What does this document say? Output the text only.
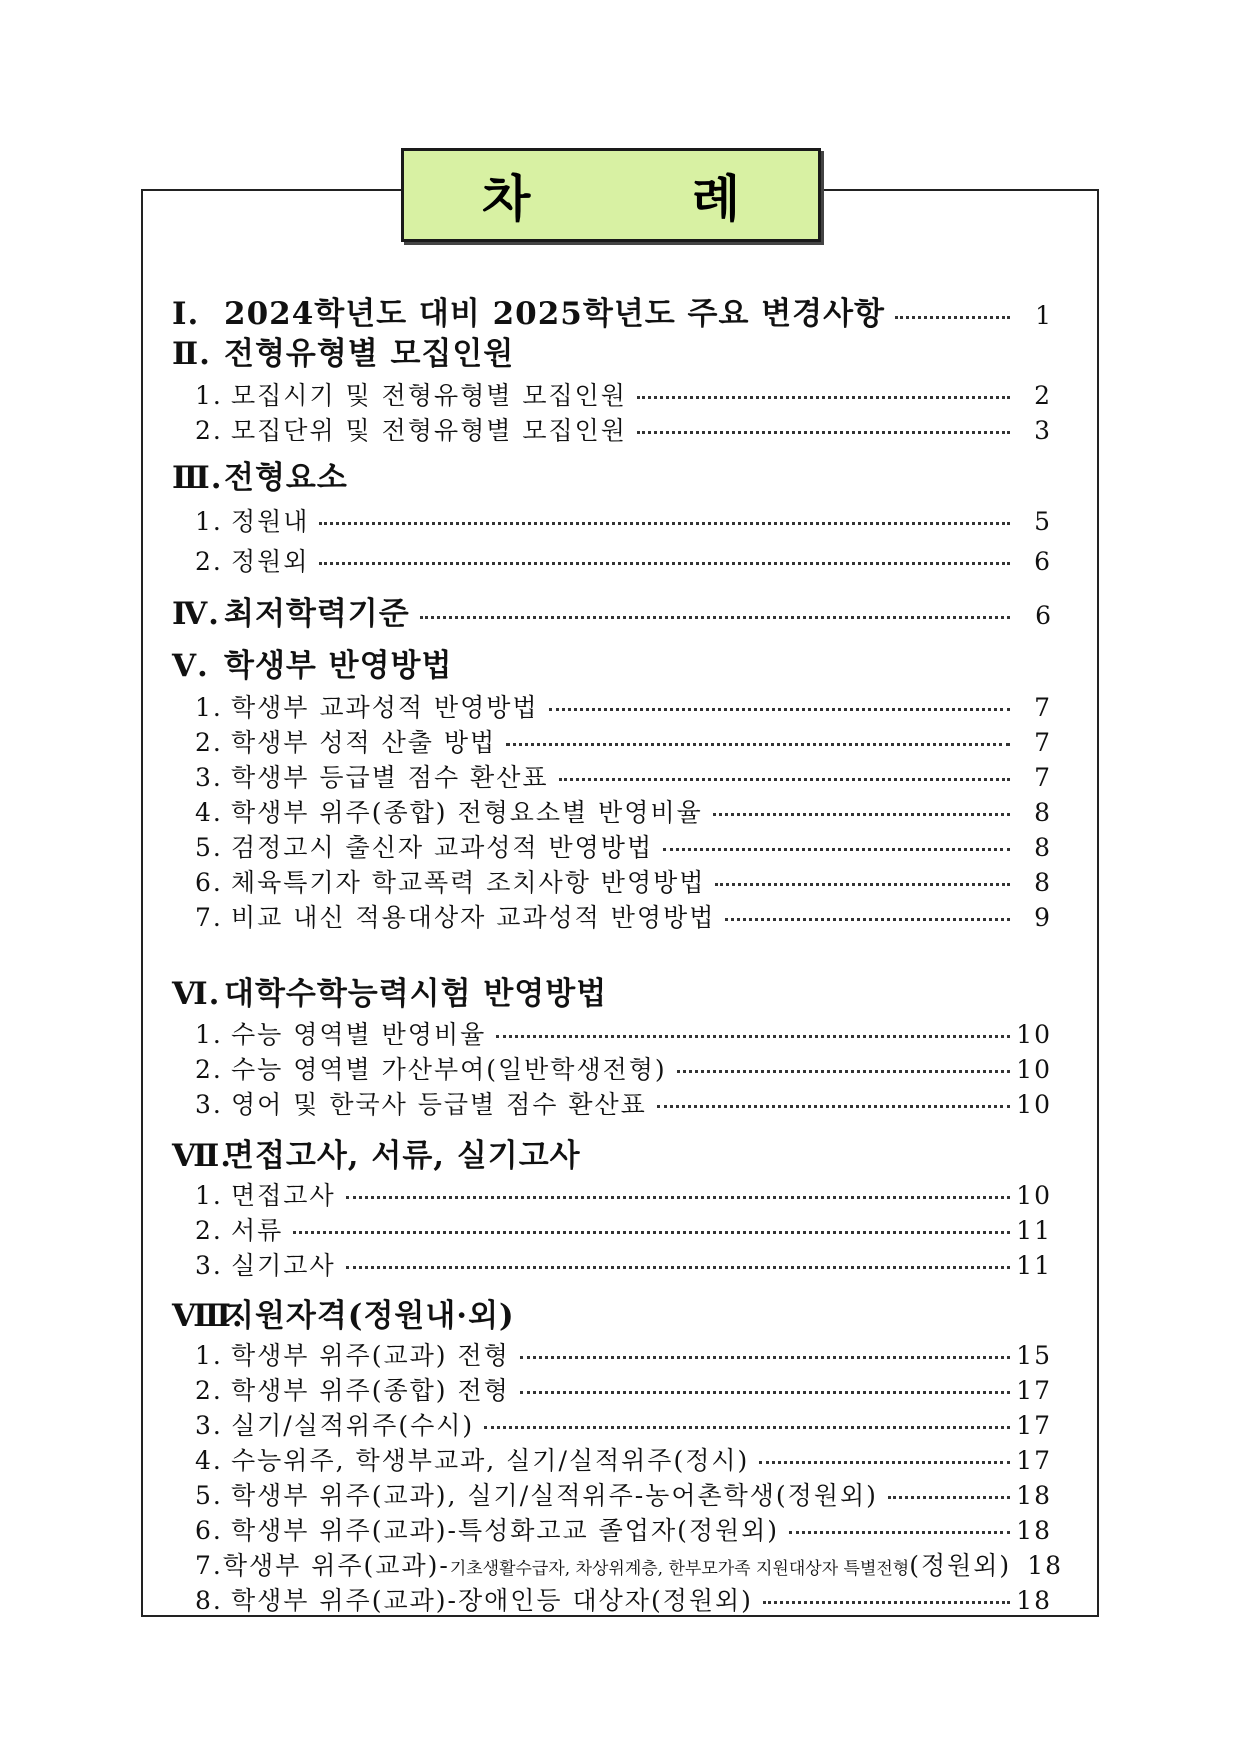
차 례
Ⅰ. 2024학년도 대비 2025학년도 주요 변경사항	1
Ⅱ. 전형유형별 모집인원
1. 모집시기 및 전형유형별 모집인원	2
2. 모집단위 및 전형유형별 모집인원	3
Ⅲ. 전형요소
1. 정원내	5
2. 정원외	6
Ⅳ. 최저학력기준	6
Ⅴ. 학생부 반영방법
1. 학생부 교과성적 반영방법	7
2. 학생부 성적 산출 방법	7
3. 학생부 등급별 점수 환산표	7
4. 학생부 위주(종합) 전형요소별 반영비율	8
5. 검정고시 출신자 교과성적 반영방법	8
6. 체육특기자 학교폭력 조치사항 반영방법	8
7. 비교 내신 적용대상자 교과성적 반영방법	9
Ⅵ. 대학수학능력시험 반영방법
1. 수능 영역별 반영비율	10
2. 수능 영역별 가산부여(일반학생전형)	10
3. 영어 및 한국사 등급별 점수 환산표	10
Ⅶ.
면접고사, 서류, 실기고사
1. 면접고사	10
2. 서류	11
3. 실기고사	11
Ⅷ.
지원자격(정원내·외)
1. 학생부 위주(교과) 전형	15
2. 학생부 위주(종합) 전형	17
3. 실기/실적위주(수시)	17
4. 수능위주, 학생부교과, 실기/실적위주(정시)	17
5. 학생부 위주(교과), 실기/실적위주-농어촌학생(정원외)	18
6. 학생부 위주(교과)-특성화고교 졸업자(정원외)	18
7. 학생부 위주(교과)-기초생활수급자, 차상위계층, 한부모가족 지원대상자 특별전형(정원외) 18
8. 학생부 위주(교과)-장애인등 대상자(정원외)	18
